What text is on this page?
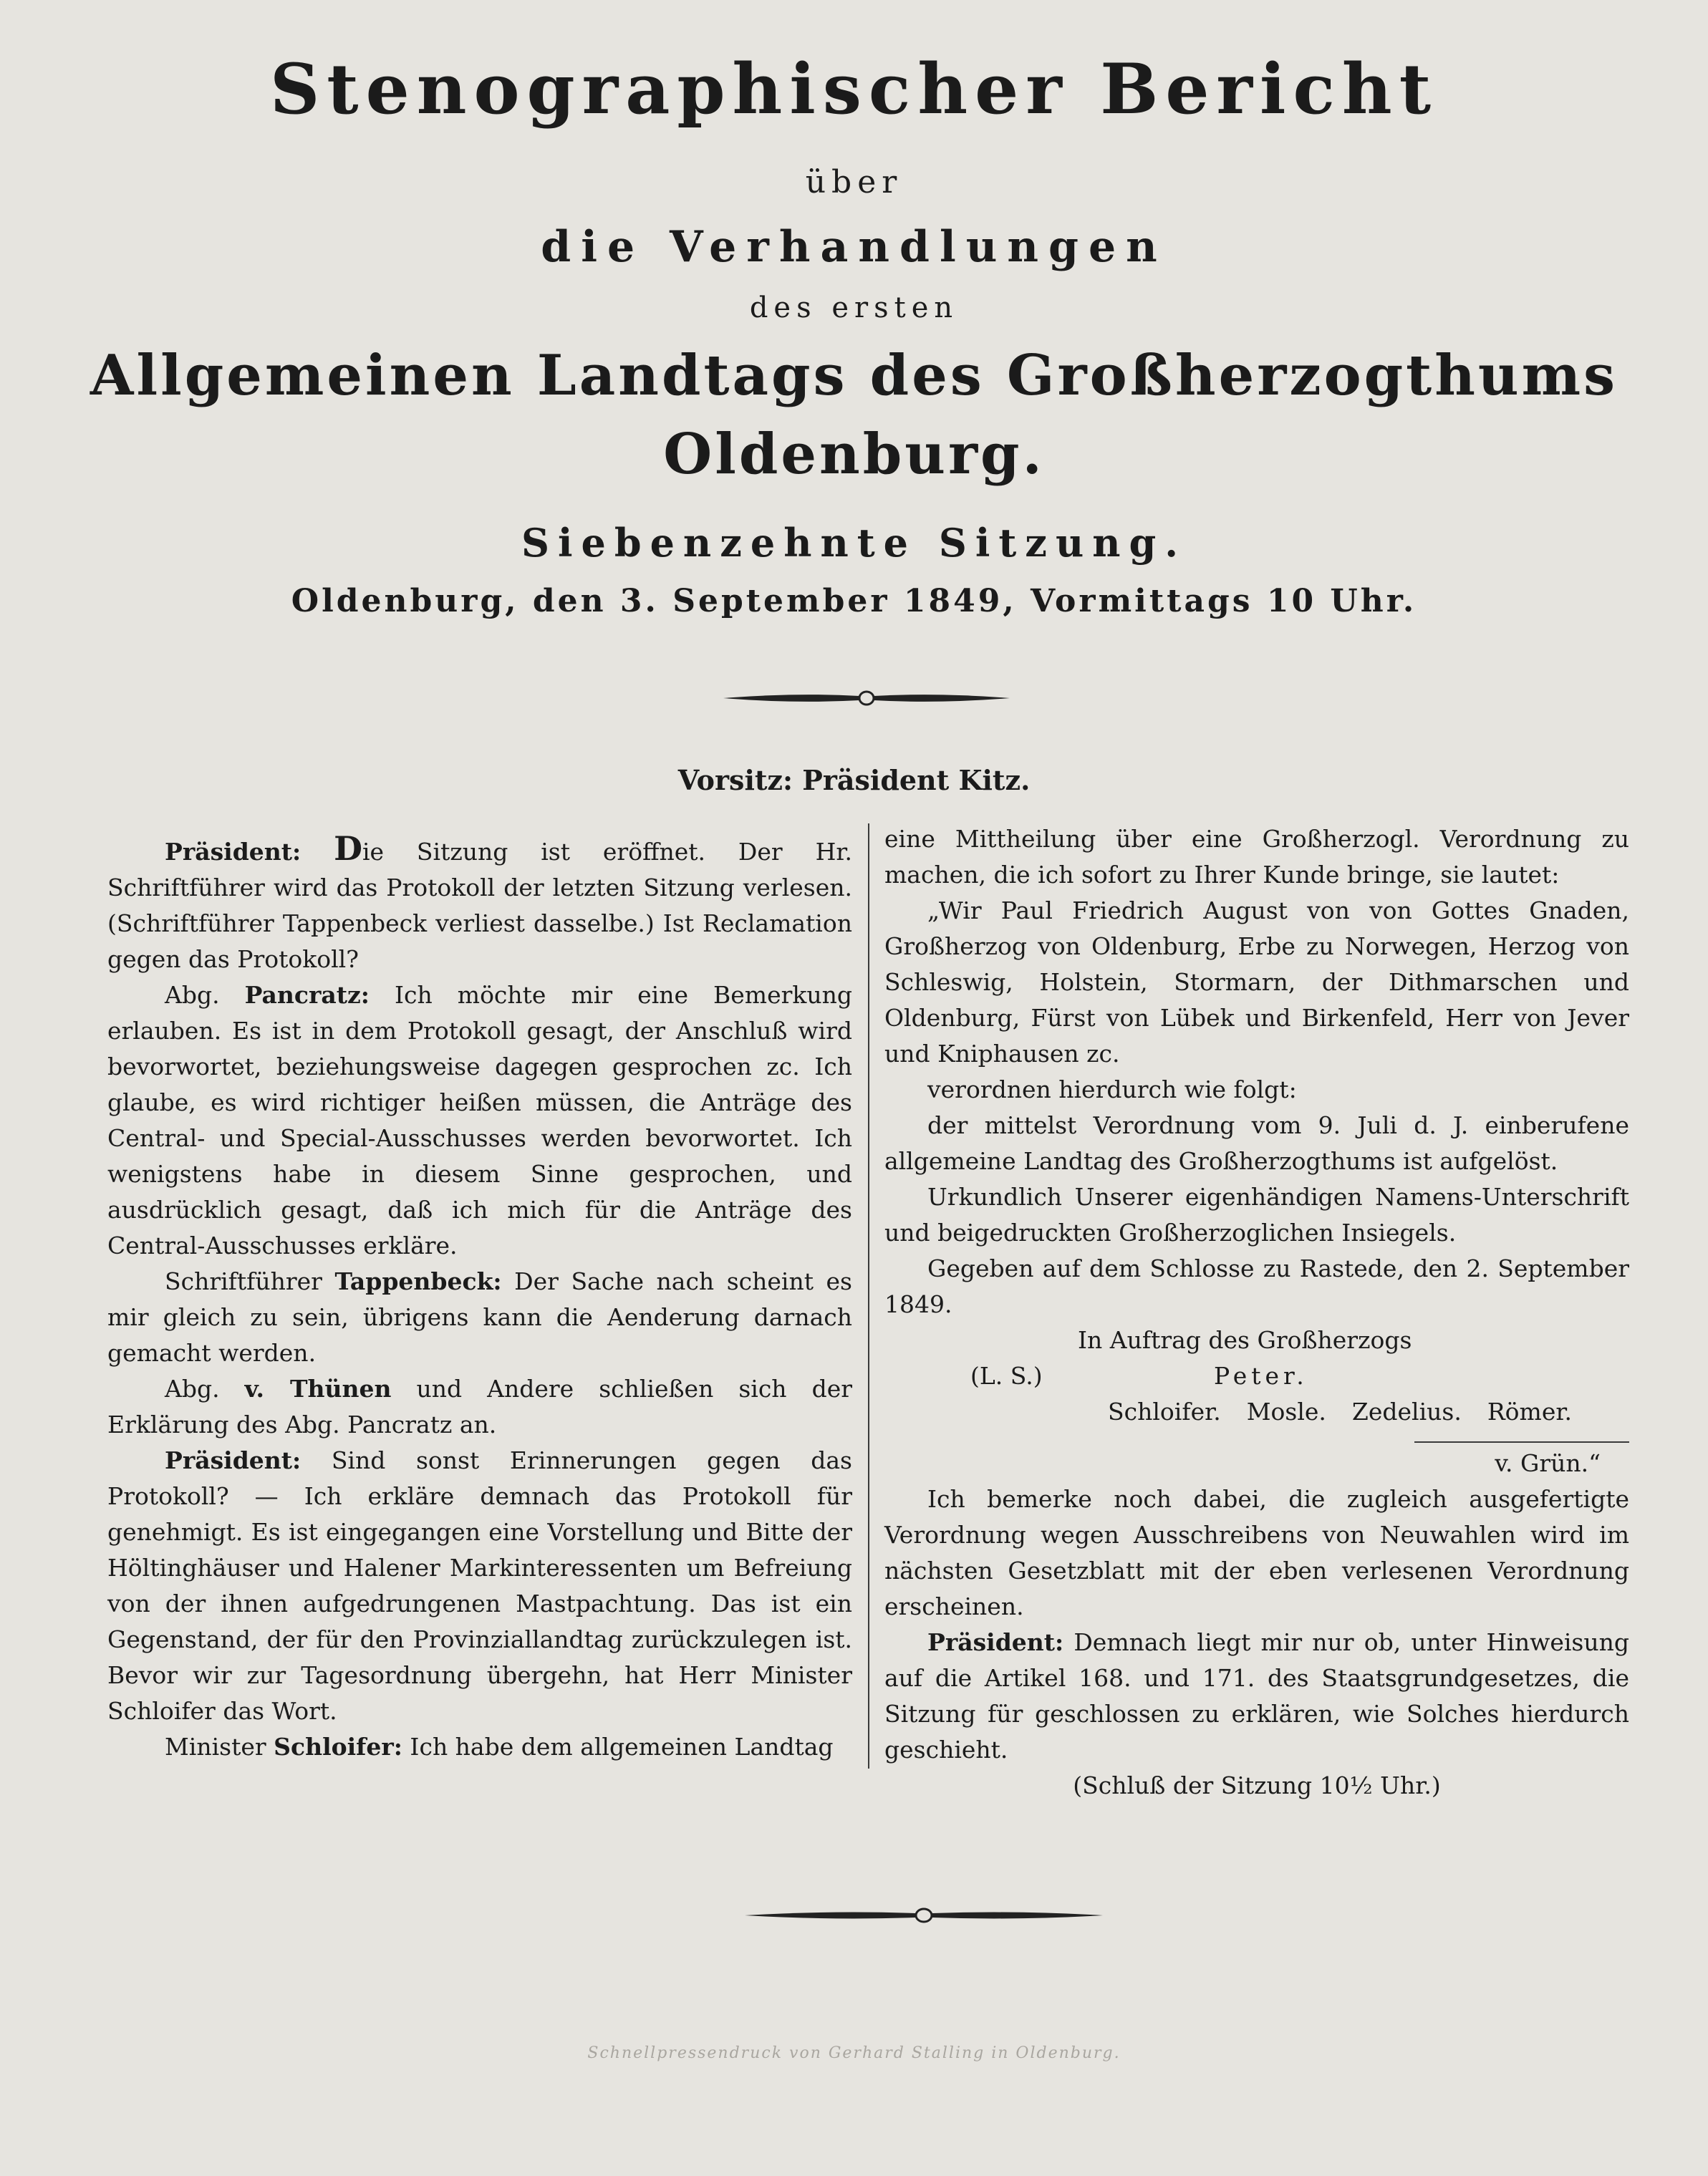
Stenographischer Bericht
über
die Verhandlungen
des ersten
Allgemeinen Landtags des Großherzogthums Oldenburg.
Siebenzehnte Sitzung.
Oldenburg, den 3. September 1849, Vormittags 10 Uhr.
Vorsitz: Präsident Kitz.

Präsident: Die Sitzung ist eröffnet. Der Hr. Schriftführer wird das Protokoll der letzten Sitzung verlesen. (Schriftführer Tappenbeck verliest dasselbe.) Ist Reclamation gegen das Protokoll?

Abg. Pancratz: Ich möchte mir eine Bemerkung erlauben. Es ist in dem Protokoll gesagt, der Anschluß wird bevorwortet, beziehungsweise dagegen gesprochen zc. Ich glaube, es wird richtiger heißen müssen, die Anträge des Central- und Special-Ausschusses werden bevorwortet. Ich wenigstens habe in diesem Sinne gesprochen, und ausdrücklich gesagt, daß ich mich für die Anträge des Central-Ausschusses erkläre.

Schriftführer Tappenbeck: Der Sache nach scheint es mir gleich zu sein, übrigens kann die Aenderung darnach gemacht werden.

Abg. v. Thünen und Andere schließen sich der Erklärung des Abg. Pancratz an.

Präsident: Sind sonst Erinnerungen gegen das Protokoll? — Ich erkläre demnach das Protokoll für genehmigt. Es ist eingegangen eine Vorstellung und Bitte der Höltinghäuser und Halener Markinteressenten um Befreiung von der ihnen aufgedrungenen Mastpachtung. Das ist ein Gegenstand, der für den Provinziallandtag zurückzulegen ist. Bevor wir zur Tagesordnung übergehn, hat Herr Minister Schloifer das Wort.

Minister Schloifer: Ich habe dem allgemeinen Landtag

eine Mittheilung über eine Großherzogl. Verordnung zu machen, die ich sofort zu Ihrer Kunde bringe, sie lautet:

„Wir Paul Friedrich August von von Gottes Gnaden, Großherzog von Oldenburg, Erbe zu Norwegen, Herzog von Schleswig, Holstein, Stormarn, der Dithmarschen und Oldenburg, Fürst von Lübek und Birkenfeld, Herr von Jever und Kniphausen zc.

verordnen hierdurch wie folgt:

der mittelst Verordnung vom 9. Juli d. J. einberufene allgemeine Landtag des Großherzogthums ist aufgelöst.

Urkundlich Unserer eigenhändigen Namens-Unterschrift und beigedruckten Großherzoglichen Insiegels.

Gegeben auf dem Schlosse zu Rastede, den 2. September 1849.

In Auftrag des Großherzogs

(L. S.)	Peter.

Schloifer. Mosle. Zedelius. Römer.

v. Grün.“

Ich bemerke noch dabei, die zugleich ausgefertigte Verordnung wegen Ausschreibens von Neuwahlen wird im nächsten Gesetzblatt mit der eben verlesenen Verordnung erscheinen.

Präsident: Demnach liegt mir nur ob, unter Hinweisung auf die Artikel 168. und 171. des Staatsgrundgesetzes, die Sitzung für geschlossen zu erklären, wie Solches hierdurch geschieht.

(Schluß der Sitzung 10½ Uhr.)

Schnellpressendruck von Gerhard Stalling in Oldenburg.
